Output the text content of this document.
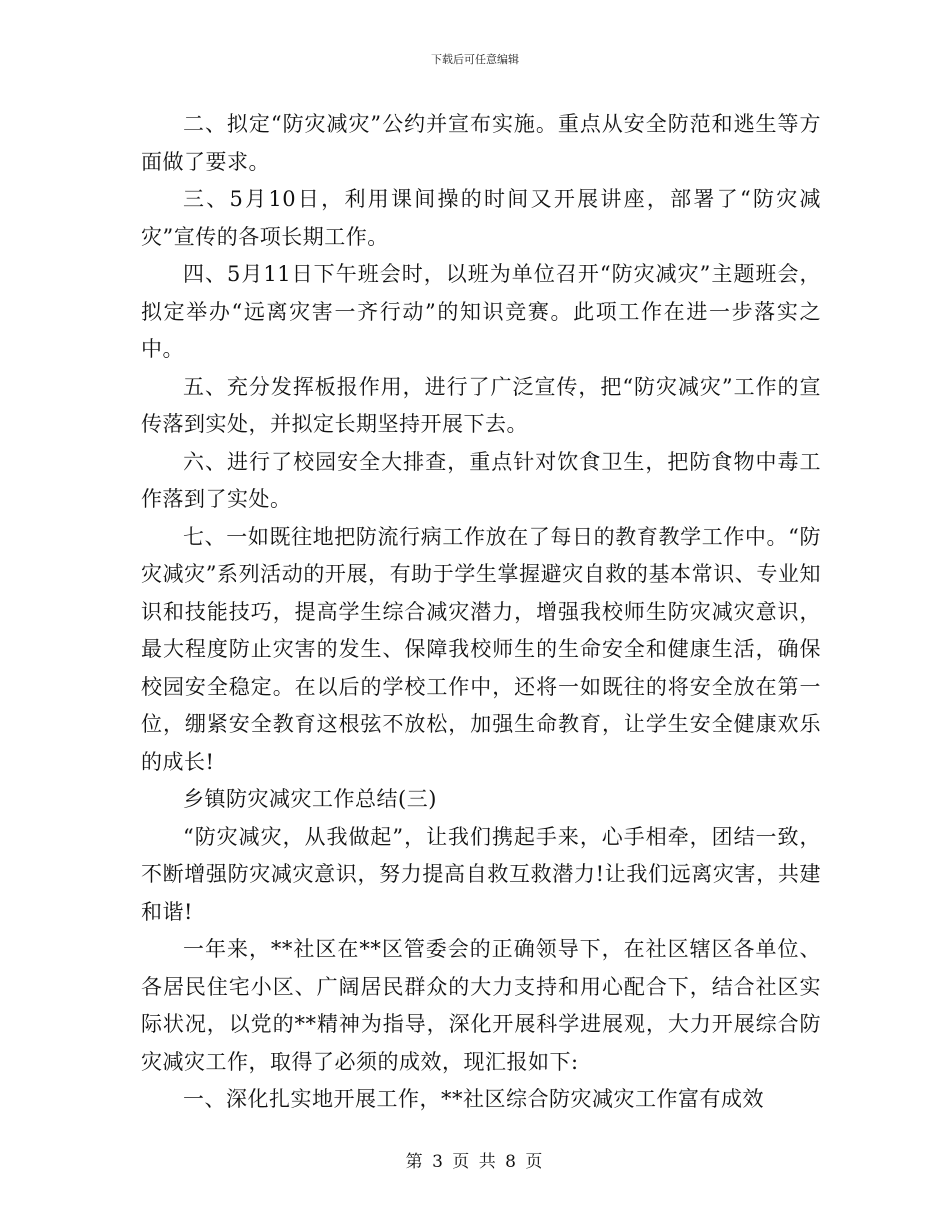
下载后可任意编辑

二、拟定“防灾减灾”公约并宣布实施。重点从安全防范和逃生等方面做了要求。

三、5月10日，利用课间操的时间又开展讲座，部署了“防灾减灾”宣传的各项长期工作。

四、5月11日下午班会时，以班为单位召开“防灾减灾”主题班会，拟定举办“远离灾害一齐行动”的知识竞赛。此项工作在进一步落实之中。

五、充分发挥板报作用，进行了广泛宣传，把“防灾减灾”工作的宣传落到实处，并拟定长期坚持开展下去。

六、进行了校园安全大排查，重点针对饮食卫生，把防食物中毒工作落到了实处。

七、一如既往地把防流行病工作放在了每日的教育教学工作中。“防灾减灾”系列活动的开展，有助于学生掌握避灾自救的基本常识、专业知识和技能技巧，提高学生综合减灾潜力，增强我校师生防灾减灾意识，最大程度防止灾害的发生、保障我校师生的生命安全和健康生活，确保校园安全稳定。在以后的学校工作中，还将一如既往的将安全放在第一位，绷紧安全教育这根弦不放松，加强生命教育，让学生安全健康欢乐的成长!

乡镇防灾减灾工作总结(三)

“防灾减灾，从我做起”，让我们携起手来，心手相牵，团结一致，不断增强防灾减灾意识，努力提高自救互救潜力!让我们远离灾害，共建和谐!

一年来，**社区在**区管委会的正确领导下，在社区辖区各单位、各居民住宅小区、广阔居民群众的大力支持和用心配合下，结合社区实际状况，以党的**精神为指导，深化开展科学进展观，大力开展综合防灾减灾工作，取得了必须的成效，现汇报如下:

一、深化扎实地开展工作，**社区综合防灾减灾工作富有成效

第 3 页 共 8 页
